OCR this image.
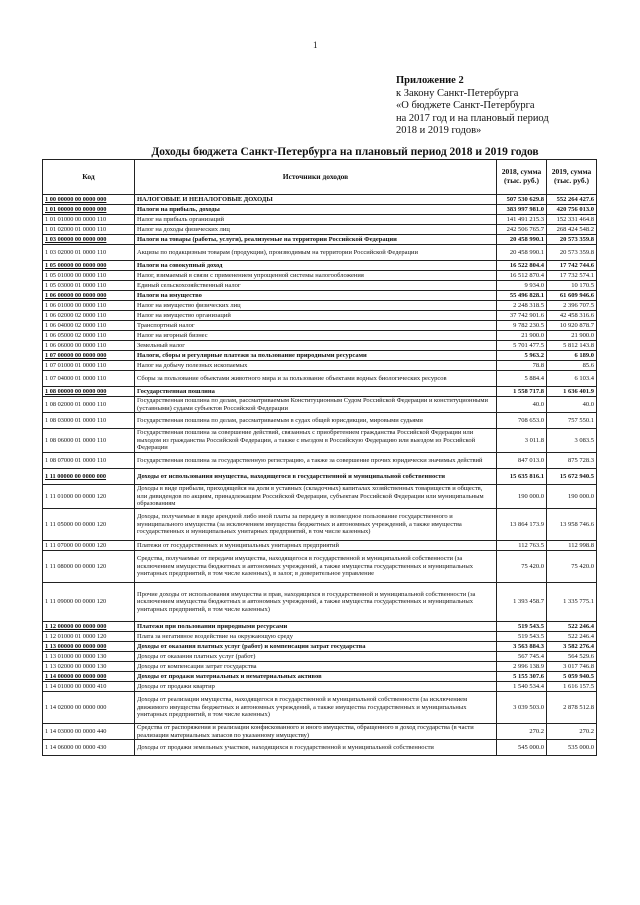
1
Приложение 2
к Закону Санкт-Петербурга
«О бюджете Санкт-Петербурга
на 2017 год и на плановый период
2018 и 2019 годов»
Доходы бюджета Санкт-Петербурга на плановый период 2018 и 2019 годов
Код	Источники доходов	2018, сумма (тыс. руб.)	2019, сумма (тыс. руб.)
1 00 00000 00 0000 000	НАЛОГОВЫЕ И НЕНАЛОГОВЫЕ ДОХОДЫ	507 530 629.8	552 264 427.6
1 01 00000 00 0000 000	Налоги на прибыль, доходы	383 997 981.0	420 756 013.0
1 01 01000 00 0000 110	Налог на прибыль организаций	141 491 215.3	152 331 464.8
1 01 02000 01 0000 110	Налог на доходы физических лиц	242 506 765.7	268 424 548.2
1 03 00000 00 0000 000	Налоги на товары (работы, услуги), реализуемые на территории Российской Федерации	20 458 990.1	20 573 359.8
1 03 02000 01 0000 110	Акцизы по подакцизным товарам (продукции), производимым на территории Российской Федерации	20 458 990.1	20 573 359.8
1 05 00000 00 0000 000	Налоги на совокупный доход	16 522 804.4	17 742 744.6
1 05 01000 00 0000 110	Налог, взимаемый в связи с применением упрощенной системы налогообложения	16 512 870.4	17 732 574.1
1 05 03000 01 0000 110	Единый сельскохозяйственный налог	9 934.0	10 170.5
1 06 00000 00 0000 000	Налоги на имущество	55 496 828.1	61 609 946.6
1 06 01000 00 0000 110	Налог на имущество физических лиц	2 248 318.5	2 396 707.5
1 06 02000 02 0000 110	Налог на имущество организаций	37 742 901.6	42 458 316.6
1 06 04000 02 0000 110	Транспортный налог	9 782 230.5	10 920 878.7
1 06 05000 02 0000 110	Налог на игорный бизнес	21 900.0	21 900.0
1 06 06000 00 0000 110	Земельный налог	5 701 477.5	5 812 143.8
1 07 00000 00 0000 000	Налоги, сборы и регулярные платежи за пользование природными ресурсами	5 963.2	6 189.0
1 07 01000 01 0000 110	Налог на добычу полезных ископаемых	78.8	85.6
1 07 04000 01 0000 110	Сборы за пользование объектами животного мира и за пользование объектами водных биологических ресурсов	5 884.4	6 103.4
1 08 00000 00 0000 000	Государственная пошлина	1 558 717.8	1 636 401.9
1 08 02000 01 0000 110	Государственная пошлина по делам, рассматриваемым Конституционным Судом Российской Федерации и конституционными (уставными) судами субъектов Российской Федерации	40.0	40.0
1 08 03000 01 0000 110	Государственная пошлина по делам, рассматриваемым в судах общей юрисдикции, мировыми судьями	708 653.0	757 550.1
1 08 06000 01 0000 110	Государственная пошлина за совершение действий, связанных с приобретением гражданства Российской Федерации или выходом из гражданства Российской Федерации, а также с въездом в Российскую Федерацию или выездом из Российской Федерации	3 011.8	3 083.5
1 08 07000 01 0000 110	Государственная пошлина за государственную регистрацию, а также за совершение прочих юридически значимых действий	847 013.0	875 728.3
1 11 00000 00 0000 000	Доходы от использования имущества, находящегося в государственной и муниципальной собственности	15 635 816.1	15 672 940.5
1 11 01000 00 0000 120	Доходы в виде прибыли, приходящейся на доли в уставных (складочных) капиталах хозяйственных товариществ и обществ, или дивидендов по акциям, принадлежащим Российской Федерации, субъектам Российской Федерации или муниципальным образованиям	190 000.0	190 000.0
1 11 05000 00 0000 120	Доходы, получаемые в виде арендной либо иной платы за передачу в возмездное пользование государственного и муниципального имущества (за исключением имущества бюджетных и автономных учреждений, а также имущества государственных и муниципальных унитарных предприятий, в том числе казенных)	13 864 173.9	13 958 746.6
1 11 07000 00 0000 120	Платежи от государственных и муниципальных унитарных предприятий	112 763.5	112 998.8
1 11 08000 00 0000 120	Средства, получаемые от передачи имущества, находящегося в государственной и муниципальной собственности (за исключением имущества бюджетных и автономных учреждений, а также имущества государственных и муниципальных унитарных предприятий, в том числе казенных), в залог, в доверительное управление	75 420.0	75 420.0
1 11 09000 00 0000 120	Прочие доходы от использования имущества и прав, находящихся в государственной и муниципальной собственности (за исключением имущества бюджетных и автономных учреждений, а также имущества государственных и муниципальных унитарных предприятий, в том числе казенных)	1 393 458.7	1 335 775.1
1 12 00000 00 0000 000	Платежи при пользовании природными ресурсами	519 543.5	522 246.4
1 12 01000 01 0000 120	Плата за негативное воздействие на окружающую среду	519 543.5	522 246.4
1 13 00000 00 0000 000	Доходы от оказания платных услуг (работ) и компенсации затрат государства	3 563 884.3	3 582 276.4
1 13 01000 00 0000 130	Доходы от оказания платных услуг (работ)	567 745.4	564 529.6
1 13 02000 00 0000 130	Доходы от компенсации затрат государства	2 996 138.9	3 017 746.8
1 14 00000 00 0000 000	Доходы от продажи материальных и нематериальных активов	5 155 307.6	5 059 940.5
1 14 01000 00 0000 410	Доходы от продажи квартир	1 540 534.4	1 616 157.5
1 14 02000 00 0000 000	Доходы от реализации имущества, находящегося в государственной и муниципальной собственности (за исключением движимого имущества бюджетных и автономных учреждений, а также имущества государственных и муниципальных унитарных предприятий, в том числе казенных)	3 039 503.0	2 878 512.8
1 14 03000 00 0000 440	Средства от распоряжения и реализации конфискованного и иного имущества, обращенного в доход государства (в части реализации материальных запасов по указанному имуществу)	270.2	270.2
1 14 06000 00 0000 430	Доходы от продажи земельных участков, находящихся в государственной и муниципальной собственности	545 000.0	535 000.0
